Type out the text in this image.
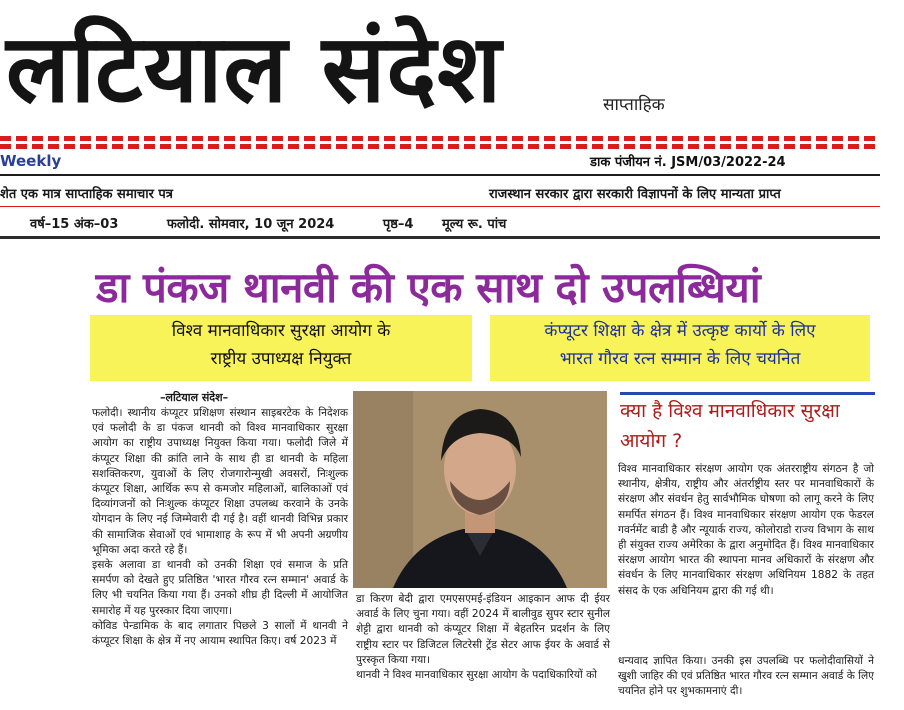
लटियाल संदेश	साप्ताहिक
Weekly	डाक पंजीयन नं. JSM/03/2022-24
शेत एक मात्र साप्ताहिक समाचार पत्र	राजस्थान सरकार द्वारा सरकारी विज्ञापनों के लिए मान्यता प्राप्त
वर्ष–15 अंक–03	फलोदी. सोमवार, 10 जून 2024	पृष्ठ–4 मूल्य रू. पांच
डा पंकज थानवी की एक साथ दो उपलब्धियां
विश्व मानवाधिकार सुरक्षा आयोग के
राष्ट्रीय उपाध्यक्ष नियुक्त
कंप्यूटर शिक्षा के क्षेत्र में उत्कृष्ट कार्यो के लिए
भारत गौरव रत्न सम्मान के लिए चयनित
–लटियाल संदेश–

फलोदी। स्थानीय कंप्यूटर प्रशिक्षण संस्थान साइबरटेक के निदेशक एवं फलोदी के डा पंकज थानवी को विश्व मानवाधिकार सुरक्षा आयोग का राष्ट्रीय उपाध्यक्ष नियुक्त किया गया। फलोदी जिले में कंप्यूटर शिक्षा की क्रांति लाने के साथ ही डा थानवी के महिला सशक्तिकरण, युवाओं के लिए रोजगारोन्मुखी अवसरों, निःशुल्क कंप्यूटर शिक्षा, आर्थिक रूप से कमजोर महिलाओं, बालिकाओं एवं दिव्यांगजनों को निःशुल्क कंप्यूटर शिक्षा उपलब्ध करवाने के उनके योगदान के लिए नई जिम्मेवारी दी गई है। वहीं थानवी विभिन्न प्रकार की सामाजिक सेवाओं एवं भामाशाह के रूप में भी अपनी अग्रणीय भूमिका अदा करते रहे हैं।

इसके अलावा डा थानवी को उनकी शिक्षा एवं समाज के प्रति समर्पण को देखते हुए प्रतिष्ठित 'भारत गौरव रत्न सम्मान' अवार्ड के लिए भी चयनित किया गया हैं। उनको शीघ्र ही दिल्ली में आयोजित समारोह में यह पुरस्कार दिया जाएगा।

कोविड पेन्डामिक के बाद लगातार पिछले 3 सालों में थानवी ने कंप्यूटर शिक्षा के क्षेत्र में नए आयाम स्थापित किए। वर्ष 2023 में

डा किरण बेदी द्वारा एमएसएमई-इंडियन आइकान आफ दी ईयर अवार्ड के लिए चुना गया। वहीं 2024 में बालीवुड सुपर स्टार सुनील शेट्टी द्वारा थानवी को कंप्यूटर शिक्षा में बेहतरिन प्रदर्शन के लिए राष्ट्रीय स्टार पर डिजिटल लिटरेसी ट्रेंड सेटर आफ ईयर के अवार्ड से पुरस्कृत किया गया।

थानवी ने विश्व मानवाधिकार सुरक्षा आयोग के पदाधिकारियों को

क्या है विश्व मानवाधिकार सुरक्षा आयोग ?
विश्व मानवाधिकार संरक्षण आयोग एक अंतरराष्ट्रीय संगठन है जो स्थानीय, क्षेत्रीय, राष्ट्रीय और अंतर्राष्ट्रीय स्तर पर मानवाधिकारों के संरक्षण और संवर्धन हेतु सार्वभौमिक घोषणा को लागू करने के लिए समर्पित संगठन हैं। विश्व मानवाधिकार संरक्षण आयोग एक फेडरल गवर्नमेंट बाडी है और न्यूयार्क राज्य, कोलोराडो राज्य विभाग के साथ ही संयुक्त राज्य अमेरिका के द्वारा अनुमोदित हैं। विश्व मानवाधिकार संरक्षण आयोग भारत की स्थापना मानव अधिकारों के संरक्षण और संवर्धन के लिए मानवाधिकार संरक्षण अधिनियम 1882 के तहत संसद के एक अधिनियम द्वारा की गई थी।
धन्यवाद ज्ञापित किया। उनकी इस उपलब्धि पर फलोदीवासियों ने खुशी जाहिर की एवं प्रतिष्ठित भारत गौरव रत्न सम्मान अवार्ड के लिए चयनित होने पर शुभकामनाएं दी।
